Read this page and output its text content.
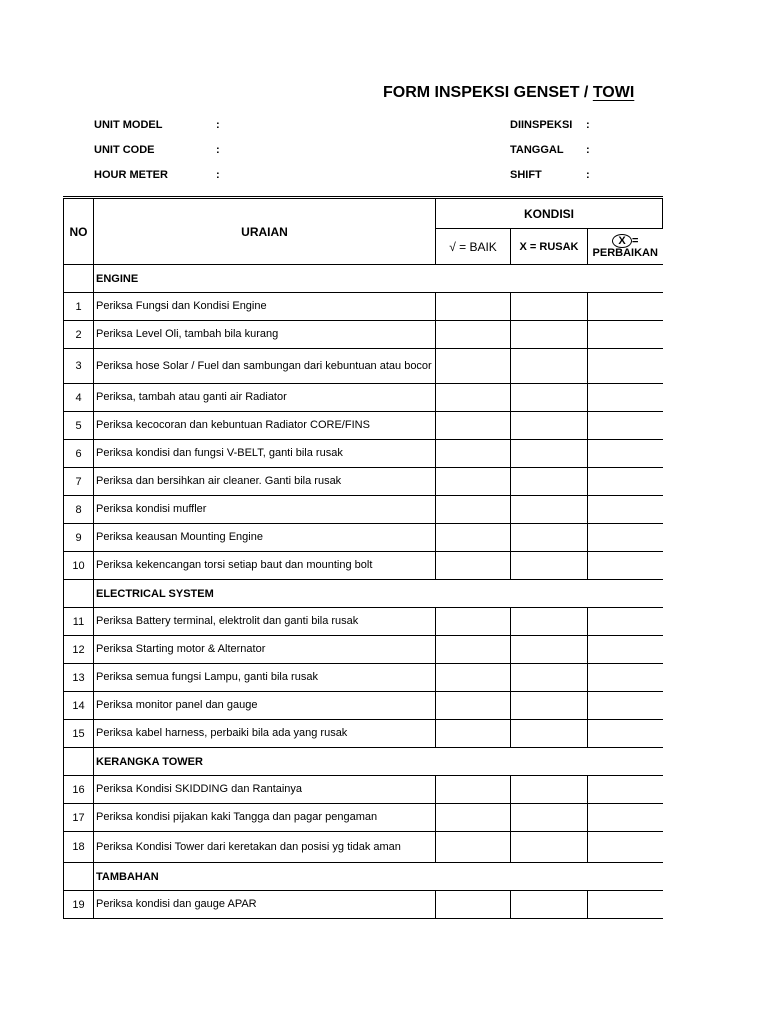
FORM INSPEKSI GENSET / TOWI
UNIT MODEL	:
UNIT CODE	:
HOUR METER	:
DIINSPEKSI :
TANGGAL :
SHIFT	:
NO	URAIAN	KONDISI		
		√ = BAIK	X = RUSAK	X =
PERBAIKAN
	ENGINE			
1	Periksa Fungsi dan Kondisi Engine			
2	Periksa Level Oli, tambah bila kurang			
3	Periksa hose Solar / Fuel dan sambungan dari kebuntuan atau bocor			
4	Periksa, tambah atau ganti air Radiator			
5	Periksa kecocoran dan kebuntuan Radiator CORE/FINS			
6	Periksa kondisi dan fungsi V-BELT, ganti bila rusak			
7	Periksa dan bersihkan air cleaner. Ganti bila rusak			
8	Periksa kondisi muffler			
9	Periksa keausan Mounting Engine			
10	Periksa kekencangan torsi setiap baut dan mounting bolt			
	ELECTRICAL SYSTEM			
11	Periksa Battery terminal, elektrolit dan ganti bila rusak			
12	Periksa Starting motor & Alternator			
13	Periksa semua fungsi Lampu, ganti bila rusak			
14	Periksa monitor panel dan gauge			
15	Periksa kabel harness, perbaiki bila ada yang rusak			
	KERANGKA TOWER			
16	Periksa Kondisi SKIDDING dan Rantainya			
17	Periksa kondisi pijakan kaki Tangga dan pagar pengaman			
18	Periksa Kondisi Tower dari keretakan dan posisi yg tidak aman			
	TAMBAHAN			
19	Periksa kondisi dan gauge APAR			
